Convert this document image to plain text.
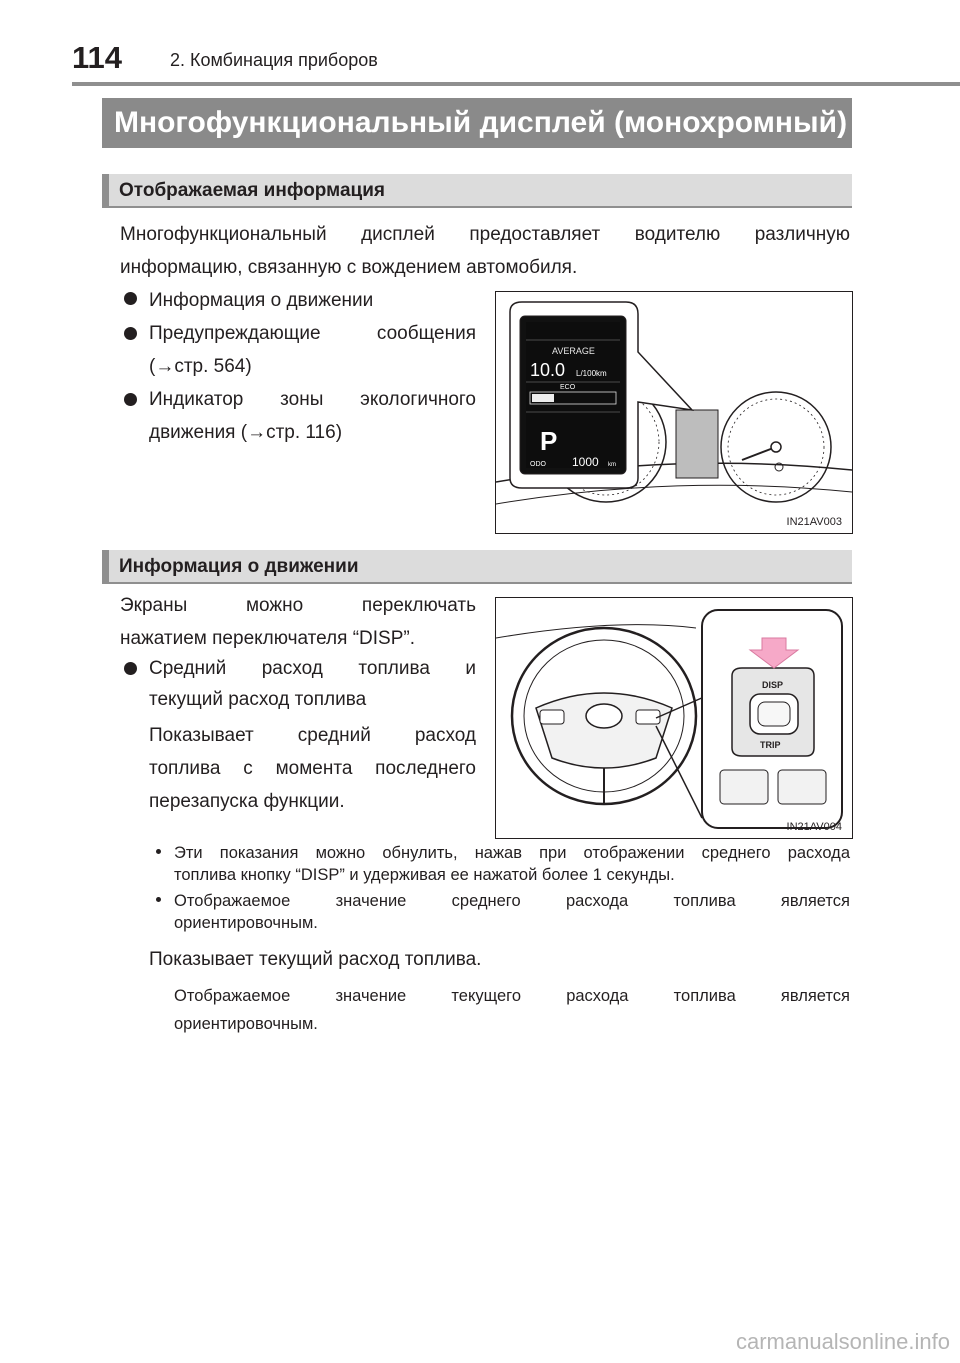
114	2. Комбинация приборов
Многофункциональный дисплей (монохромный)
Отображаемая информация
Многофункциональный дисплей предоставляет водителю различную
информацию, связанную с вождением автомобиля.
Информация о движении
Предупреждающие сообщения
(→стр. 564)
Индикатор зоны экологичного
движения (→стр. 116)
AVERAGE
10.0 L/100km
ECO
P
ODO 1000 km
IN21AV003
Информация о движении
Экраны можно переключать
нажатием переключателя “DISP”.
Средний расход топлива и
текущий расход топлива
Показывает средний расход
топлива с момента последнего
перезапуска функции.
DISP
TRIP
IN21AV004
Эти показания можно обнулить, нажав при отображении среднего расхода
топлива кнопку “DISP” и удерживая ее нажатой более 1 секунды.
Отображаемое значение среднего расхода топлива является
ориентировочным.
Показывает текущий расход топлива.
Отображаемое значение текущего расхода топлива является
ориентировочным.
carmanualsonline.info
